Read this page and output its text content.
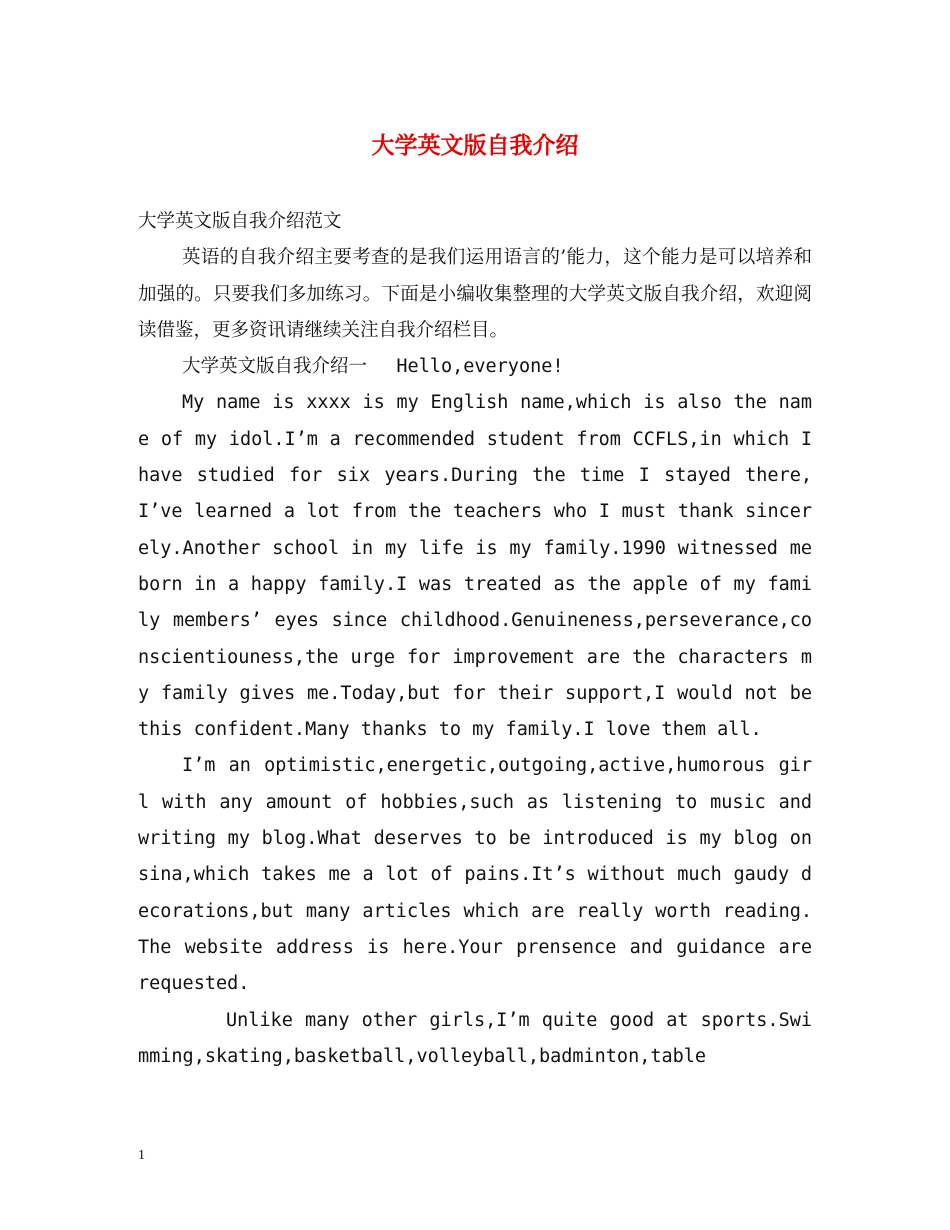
大学英文版自我介绍

大学英文版自我介绍范文

英语的自我介绍主要考查的是我们运用语言的’能力，这个能力是可以培养和加强的。只要我们多加练习。下面是小编收集整理的大学英文版自我介绍，欢迎阅读借鉴，更多资讯请继续关注自我介绍栏目。

大学英文版自我介绍一 Hello,everyone!

My name is xxxx is my English name,which is also the name of my idol.I’m a recommended student from CCFLS,in which I have studied for six years.During the time I stayed there,I’ve learned a lot from the teachers who I must thank sincerely.Another school in my life is my family.1990 witnessed me born in a happy family.I was treated as the apple of my family members’ eyes since childhood.Genuineness,perseverance,conscientiouness,the urge for improvement are the characters my family gives me.Today,but for their support,I would not be this confident.Many thanks to my family.I love them all.

I’m an optimistic,energetic,outgoing,active,humorous girl with any amount of hobbies,such as listening to music and writing my blog.What deserves to be introduced is my blog on sina,which takes me a lot of pains.It’s without much gaudy decorations,but many articles which are really worth reading.The website address is here.Your prensence and guidance are requested.

Unlike many other girls,I’m quite good at sports.Swimming,skating,basketball,volleyball,badminton,table

1
